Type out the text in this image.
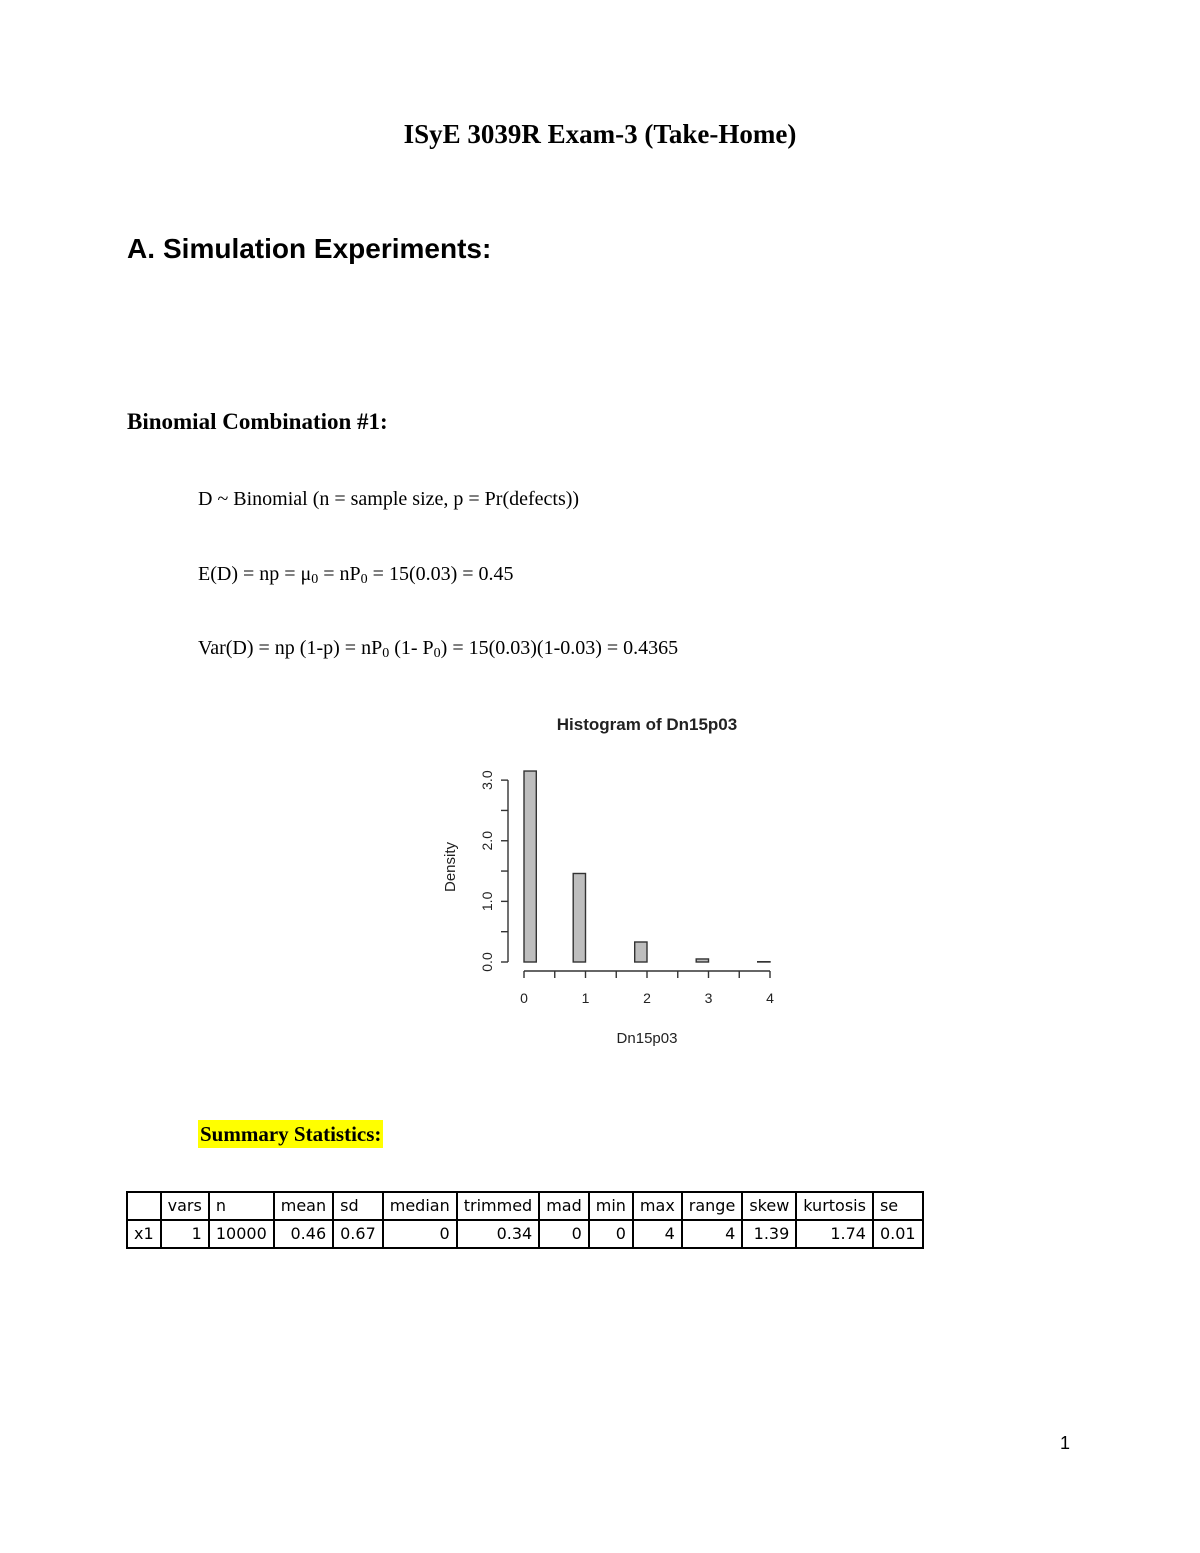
ISyE 3039R Exam-3 (Take-Home)
A. Simulation Experiments:
Binomial Combination #1:
D ~ Binomial (n = sample size, p = Pr(defects))
E(D) = np = $\mu_0 = nP_0 = 15(0.03) = 0.45$
Var(D) = np $(1-p) = nP_0$ (1- $P_0) = 15(0.03)(1-0.03) = 0.4365$
Histogram of Dn15p03
Dn15p03
Density
0.0
1.0
2.0
3.0
0	1	2	3	4
Summary Statistics:
	vars	n	mean	sd	median	trimmed	mad	min	max	range	skew	kurtosis	se
x1	1	10000	0.46	0.67	0	0.34	0	0	4	4	1.39	1.74	0.01
1
